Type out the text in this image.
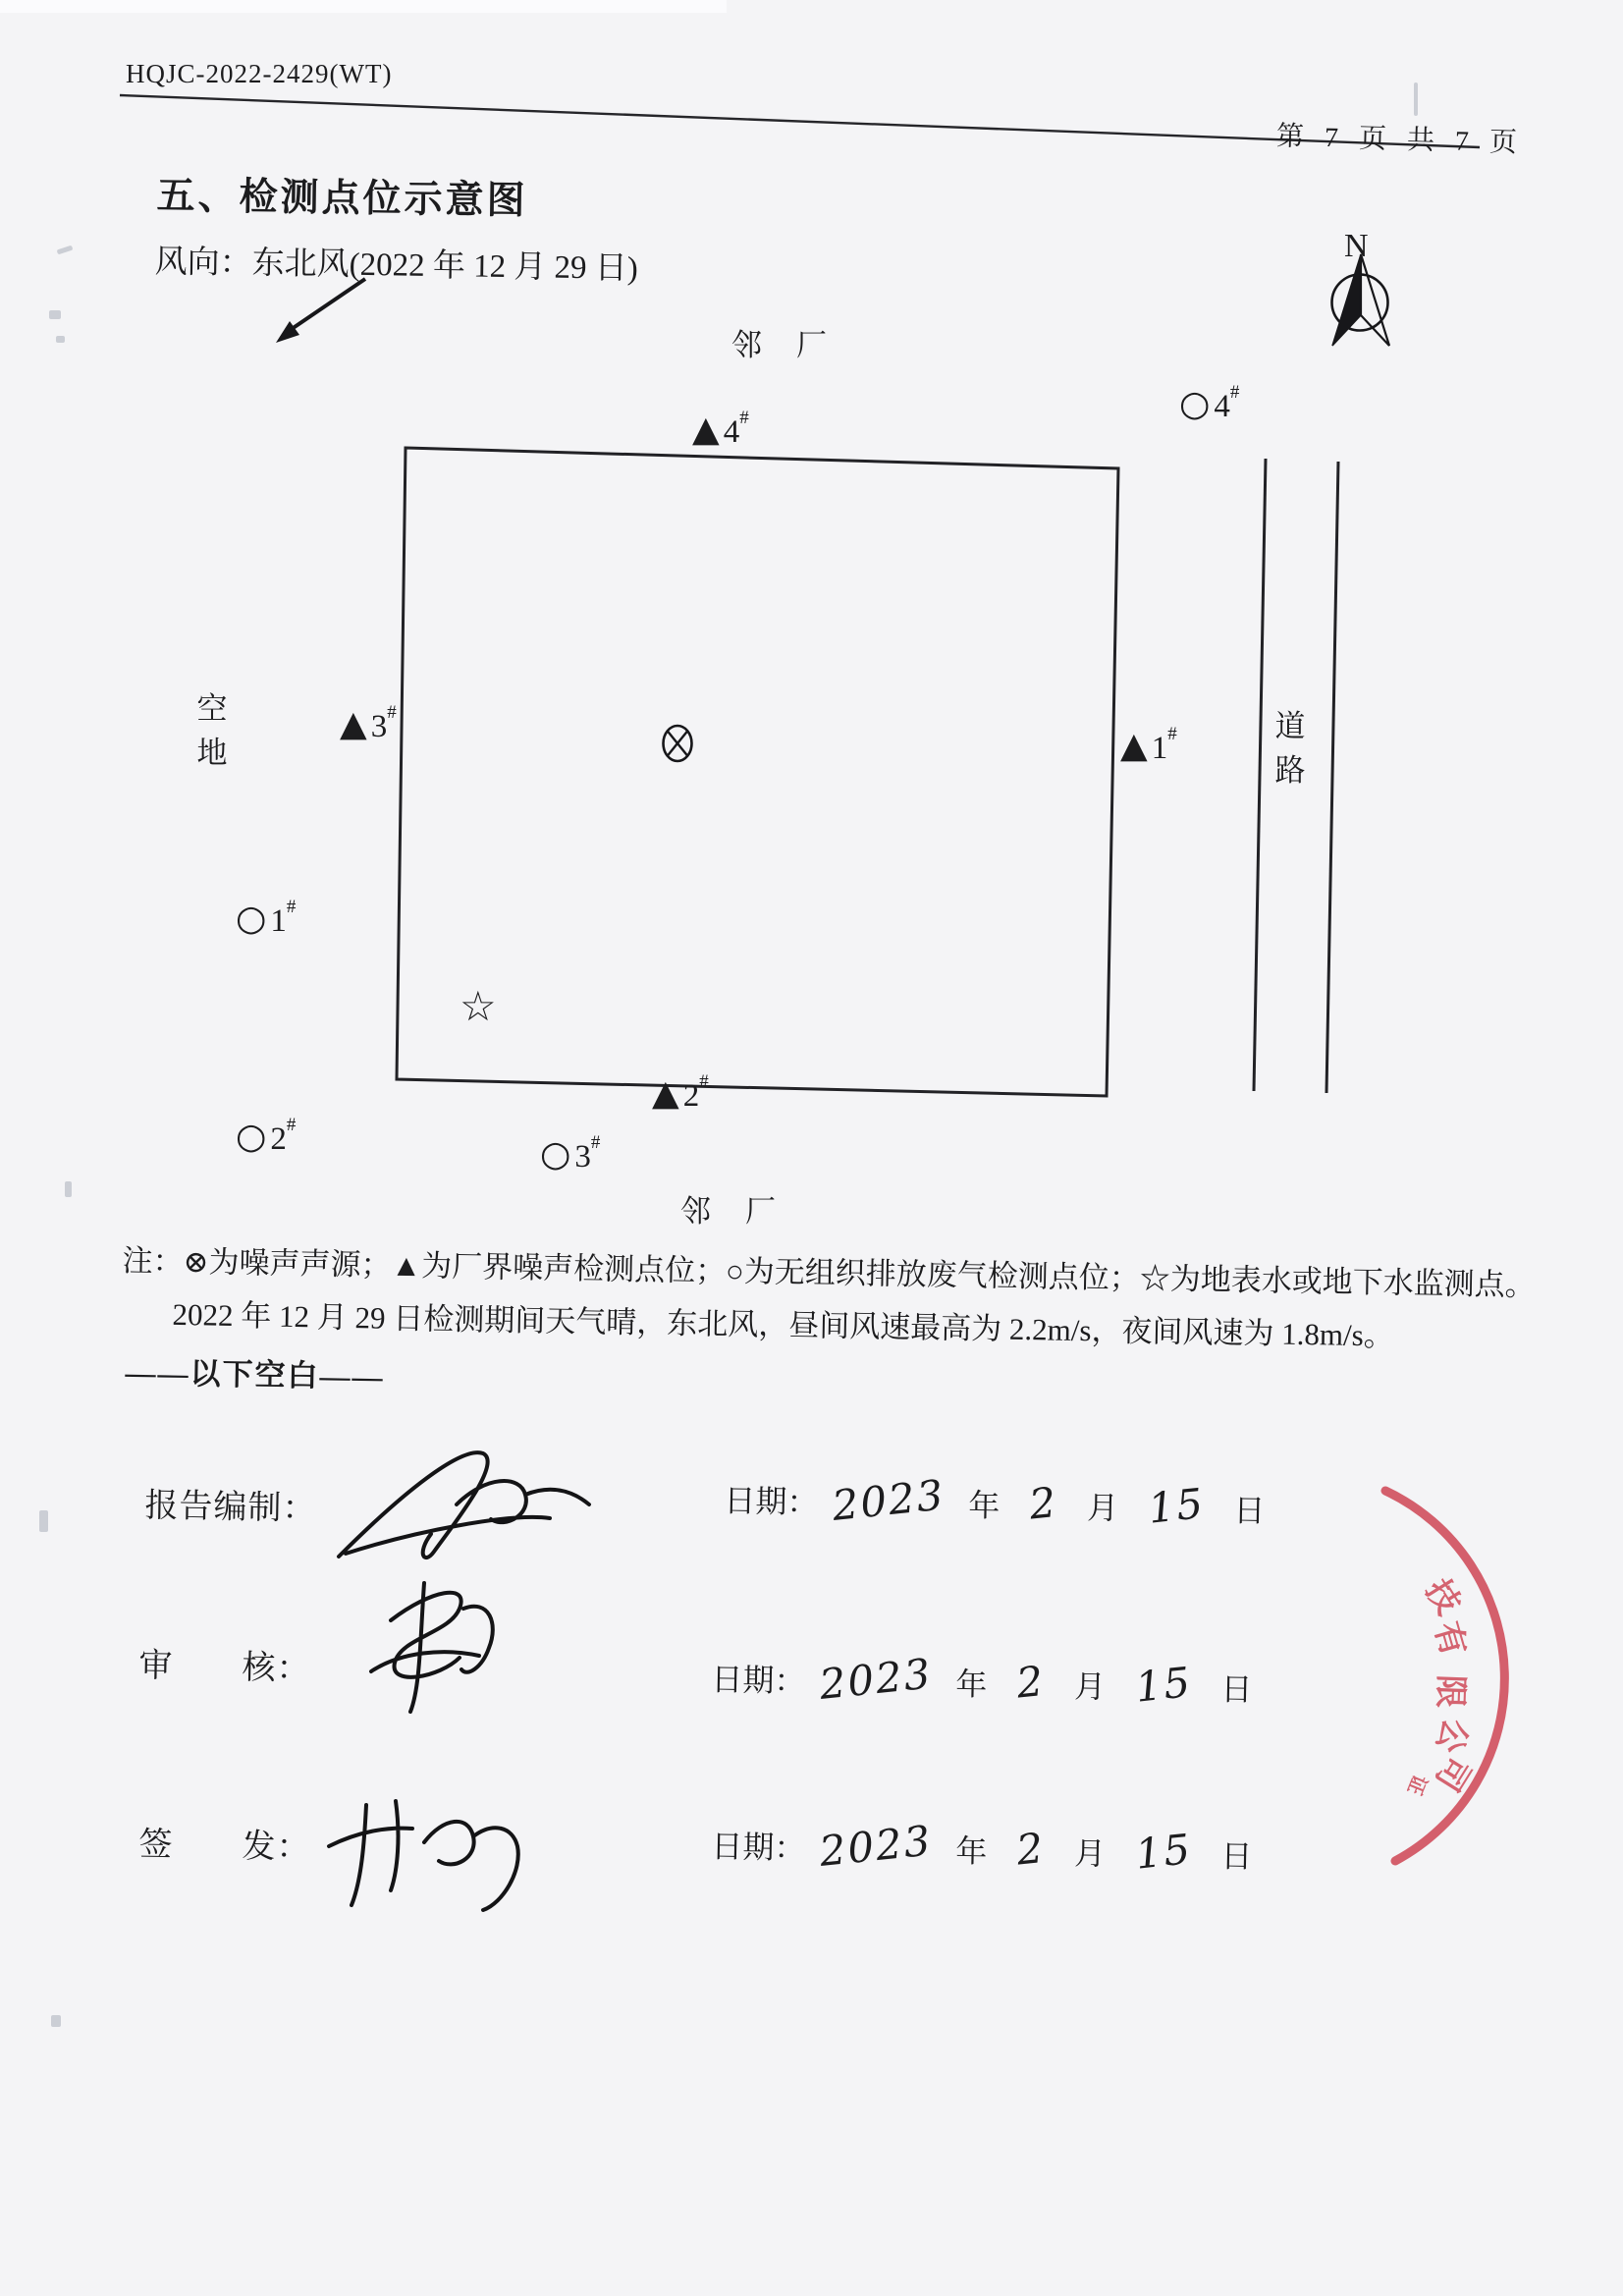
HQJC-2022-2429(WT)
第 7 页 共 7 页
五、检测点位示意图
风向：东北风(2022 年 12 月 29 日)	N
邻　厂
邻　厂
空地
道路
▲ 4 #	○ 4 #
▲ 3 #
▲ 1 #
○ 1 #
☆
▲ 2 #
○ 2 #
○ 3 #
注：⊗为噪声声源；▲为厂界噪声检测点位；○为无组织排放废气检测点位；☆为地表水或地下水监测点。
2022 年 12 月 29 日检测期间天气晴，东北风，昼间风速最高为 2.2m/s，夜间风速为 1.8m/s。
——以下空白——
报告编制：
审　　核：
签　　发：
日期： 2023 年 2 月 15 日
日期： 2023 年 2 月 15 日
日期： 2023 年 2 月 15 日
技
有
限
公
司
证
